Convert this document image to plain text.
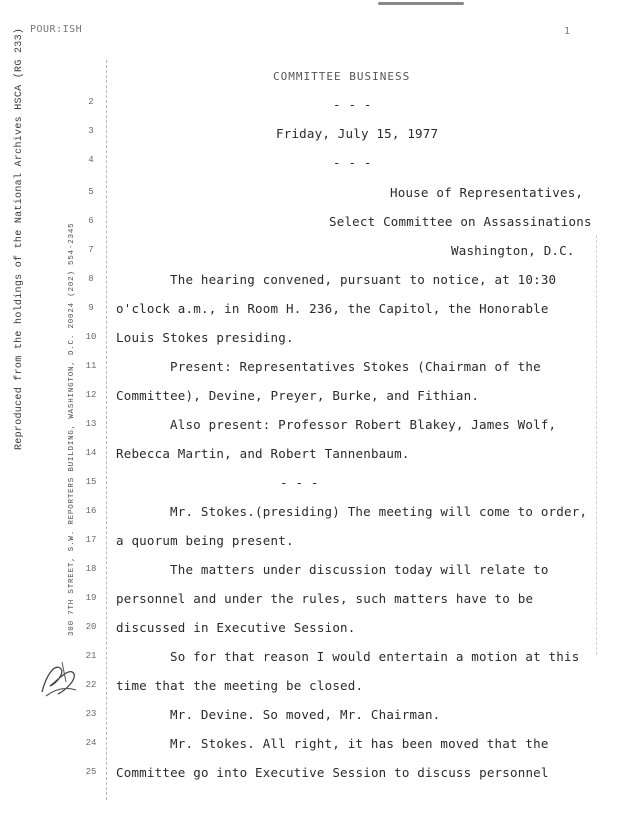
POUR:ISH	1
Reproduced from the holdings of the National Archives HSCA (RG 233)	300 7TH STREET, S.W. REPORTERS BUILDING, WASHINGTON, D.C. 20024 (202) 554-2345
2
3
4
5
6
7
8
9
10
11
12
13
14
15
16
17
18
19
20
21
22
23
24
25
COMMITTEE BUSINESS
- - -
Friday, July 15, 1977
- - -
House of Representatives,
Select Committee on Assassinations
Washington, D.C.
The hearing convened, pursuant to notice, at 10:30
o'clock a.m., in Room H. 236, the Capitol, the Honorable
Louis Stokes presiding.
Present: Representatives Stokes (Chairman of the
Committee), Devine, Preyer, Burke, and Fithian.
Also present: Professor Robert Blakey, James Wolf,
Rebecca Martin, and Robert Tannenbaum.
- - -
Mr. Stokes.(presiding) The meeting will come to order,
a quorum being present.
The matters under discussion today will relate to
personnel and under the rules, such matters have to be
discussed in Executive Session.
So for that reason I would entertain a motion at this
time that the meeting be closed.
Mr. Devine. So moved, Mr. Chairman.
Mr. Stokes. All right, it has been moved that the
Committee go into Executive Session to discuss personnel
